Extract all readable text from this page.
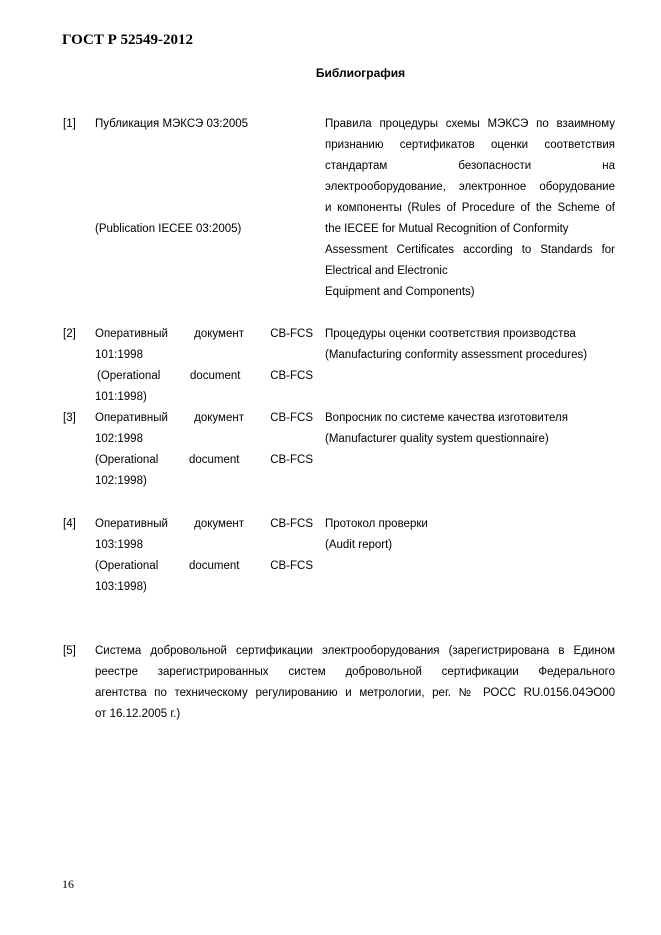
ГОСТ Р 52549-2012
Библиография
[1] Публикация МЭКСЭ 03:2005
(Publication IECEE 03:2005)
Правила процедуры схемы МЭКСЭ по взаимному
признанию сертификатов оценки соответствия
стандартам безопасности на
электрооборудование, электронное оборудование
и компоненты (Rules of Procedure of the Scheme of
the IECEE for Mutual Recognition of Conformity
Assessment Certificates according to Standards for
Electrical and Electronic
Equipment and Components)
[2] Оперативный документ CB-FCS
101:1998
(Operational document CB-FCS
101:1998)
Процедуры оценки соответствия производства
(Manufacturing conformity assessment procedures)
[3] Оперативный документ CB-FCS
102:1998
(Operational document CB-FCS
102:1998)
Вопросник по системе качества изготовителя
(Manufacturer quality system questionnaire)
[4] Оперативный документ CB-FCS
103:1998
(Operational document CB-FCS
103:1998)
Протокол проверки
(Audit report)
[5] Система добровольной сертификации электрооборудования (зарегистрирована в Едином
реестре зарегистрированных систем добровольной сертификации Федерального
агентства по техническому регулированию и метрологии, рег. № РОСС RU.0156.04ЭО00
от 16.12.2005 г.)
16
